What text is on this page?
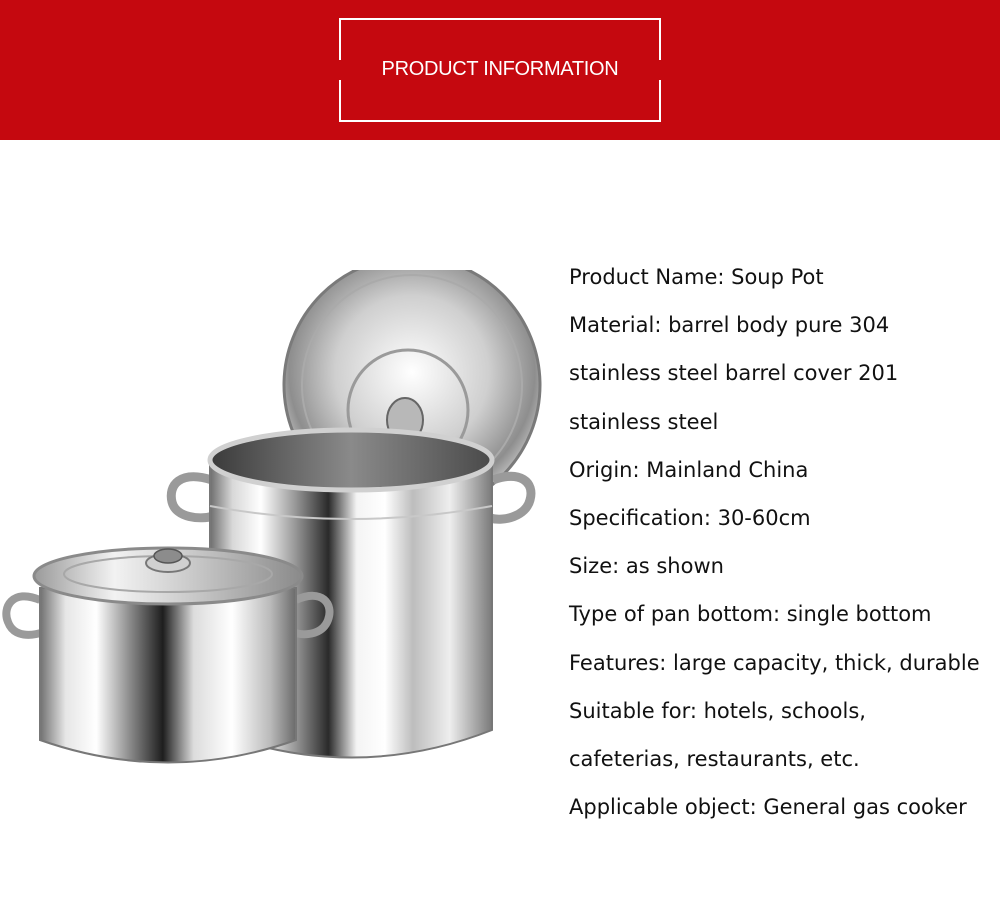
PRODUCT INFORMATION
Product Name: Soup Pot
Material: barrel body pure 304
stainless steel barrel cover 201
stainless steel
Origin: Mainland China
Specification: 30-60cm
Size: as shown
Type of pan bottom: single bottom
Features: large capacity, thick, durable
Suitable for: hotels, schools,
cafeterias, restaurants, etc.
Applicable object: General gas cooker
